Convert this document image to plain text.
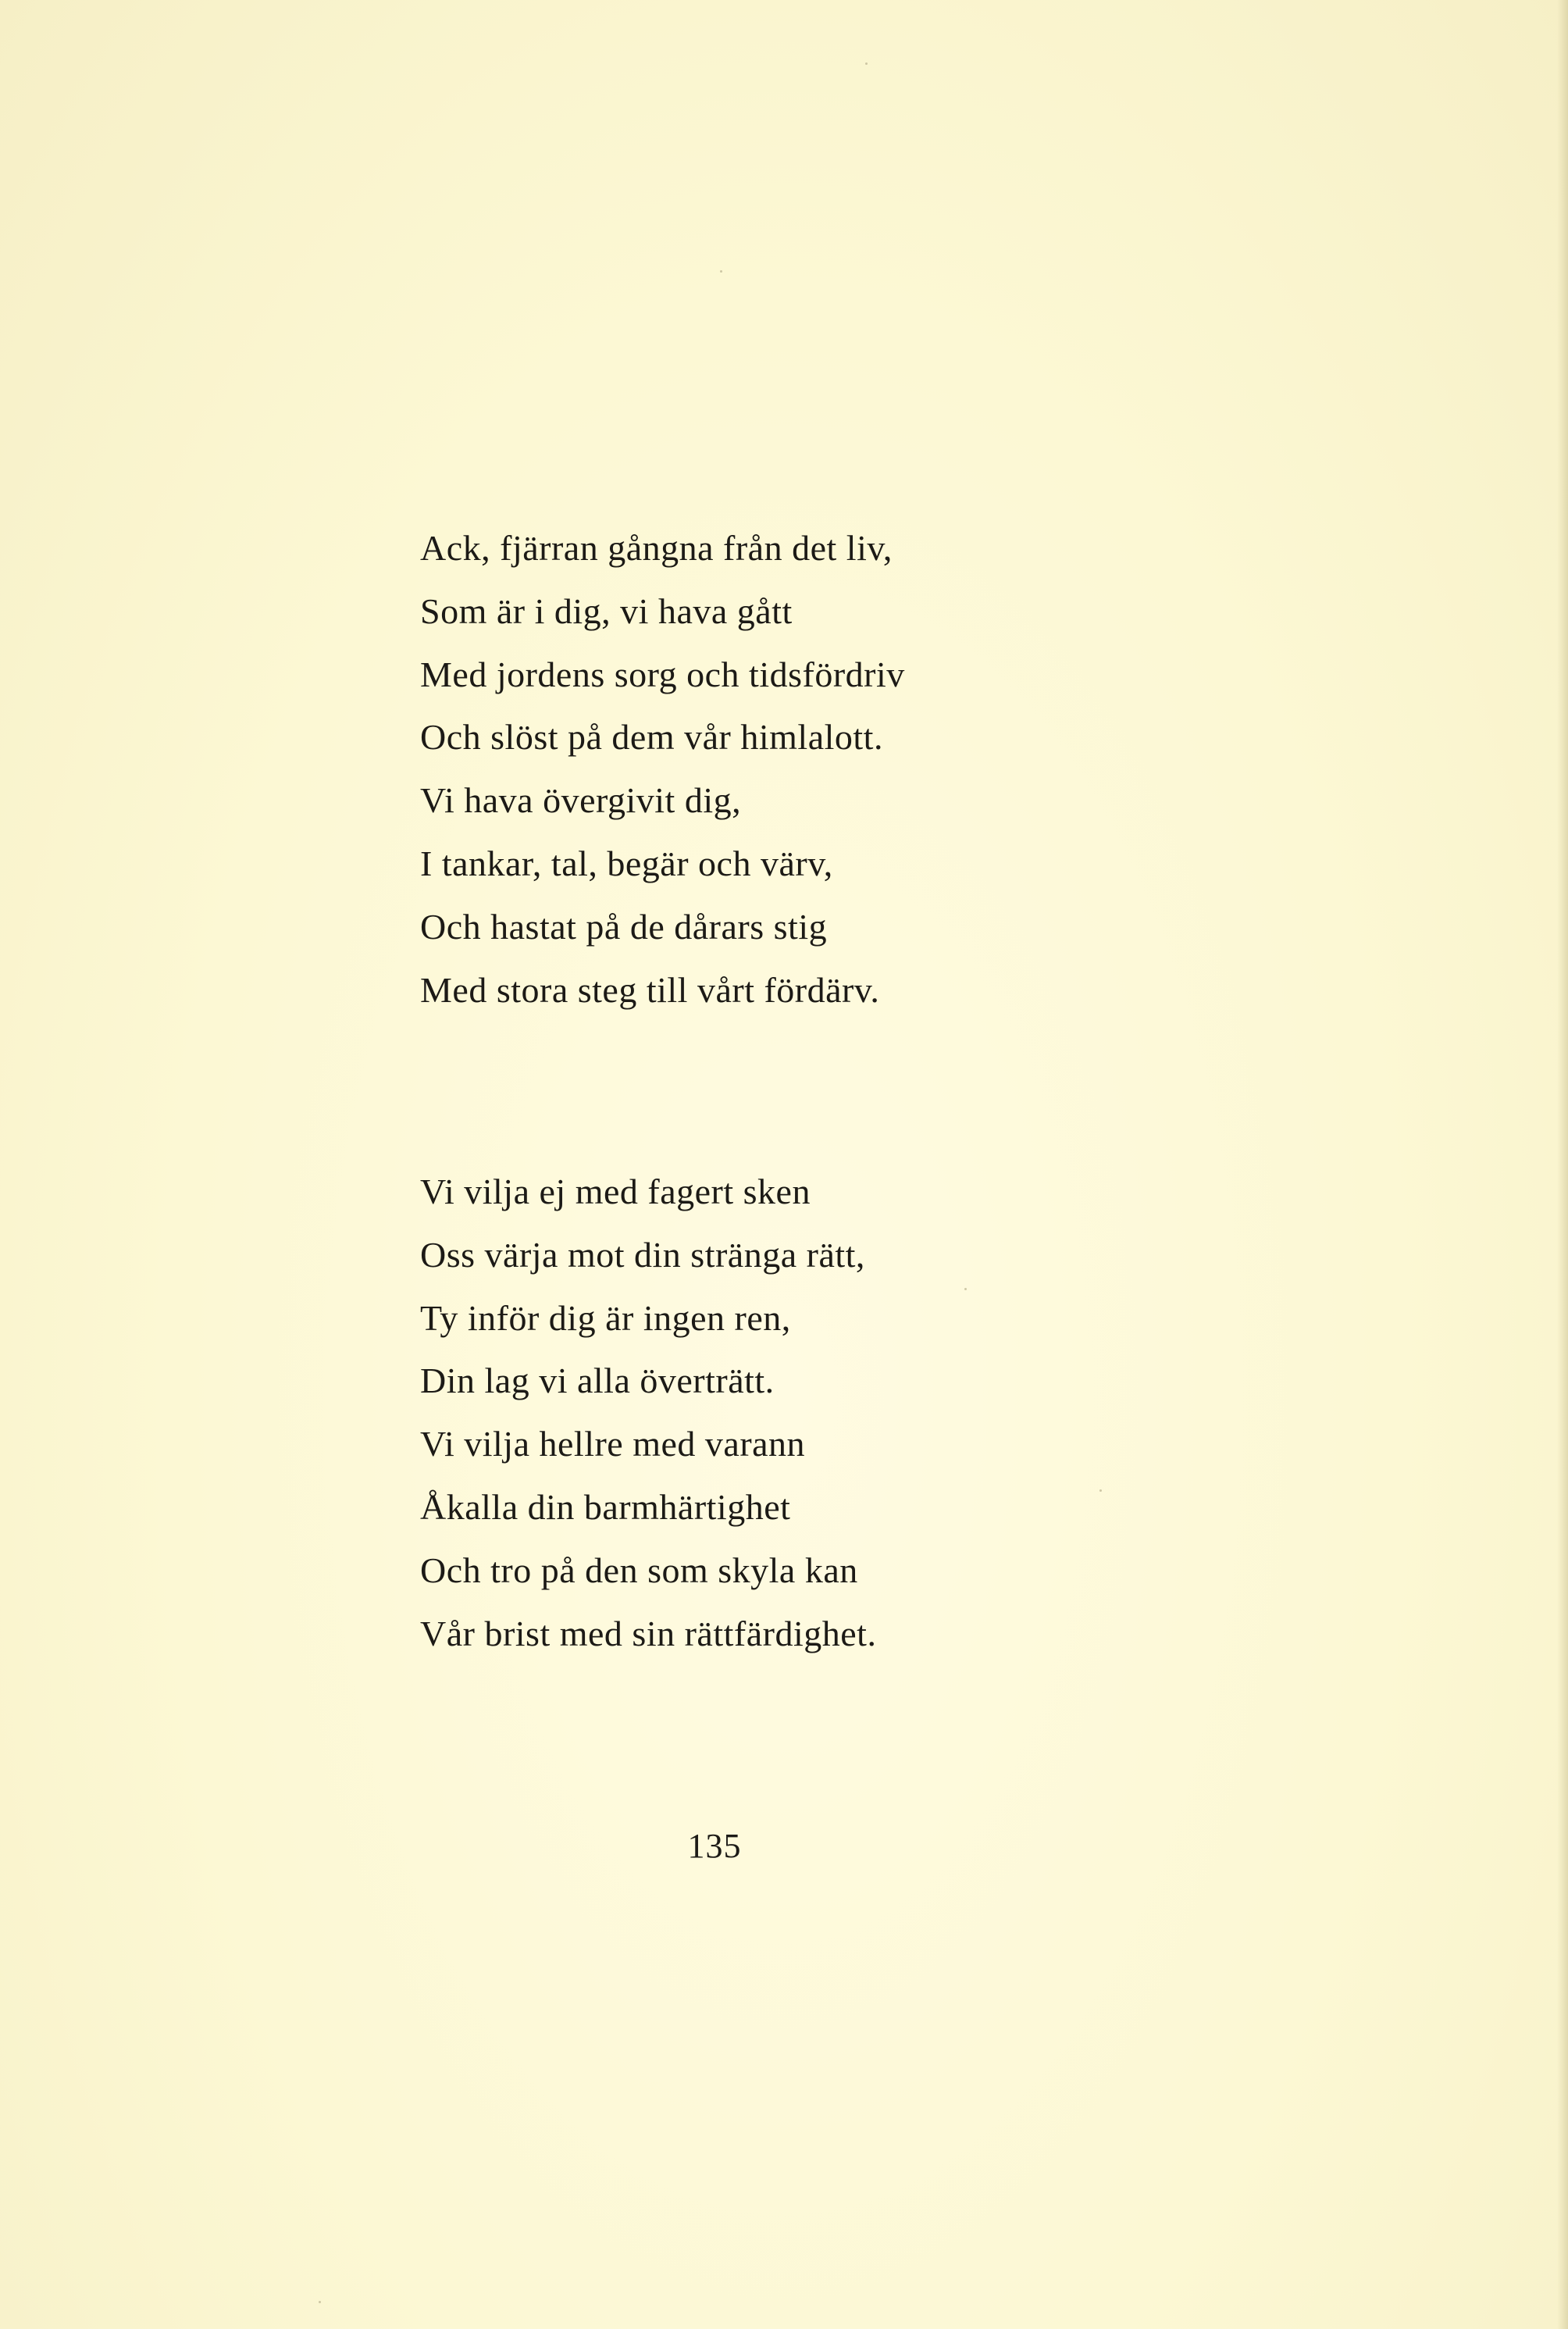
Ack, fjärran gångna från det liv,
Som är i dig, vi hava gått
Med jordens sorg och tidsfördriv
Och slöst på dem vår himlalott.
Vi hava övergivit dig,
I tankar, tal, begär och värv,
Och hastat på de dårars stig
Med stora steg till vårt fördärv.
Vi vilja ej med fagert sken
Oss värja mot din stränga rätt,
Ty inför dig är ingen ren,
Din lag vi alla överträtt.
Vi vilja hellre med varann
Åkalla din barmhärtighet
Och tro på den som skyla kan
Vår brist med sin rättfärdighet.
135
